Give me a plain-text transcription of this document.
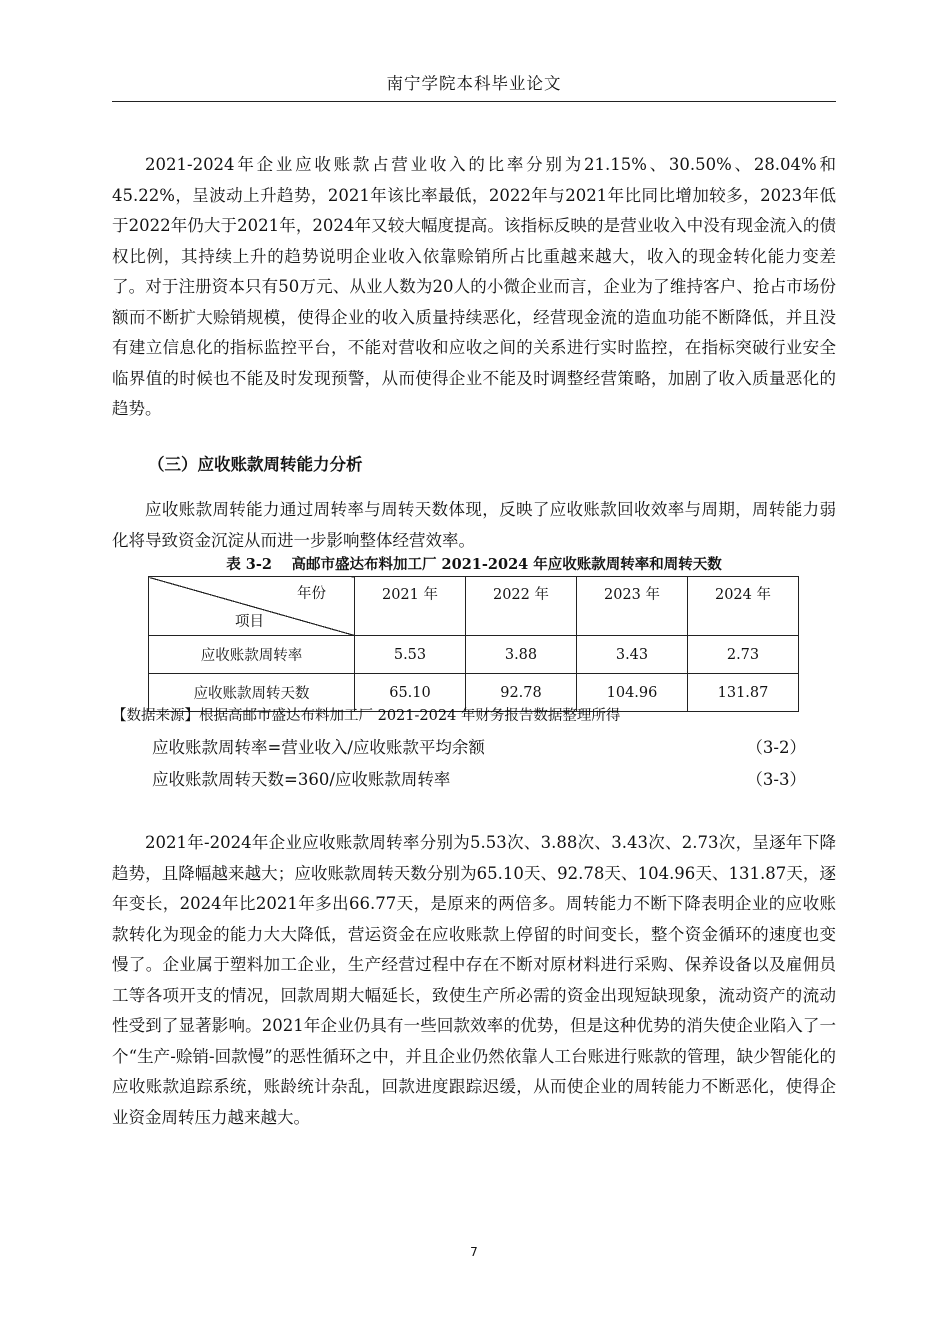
南宁学院本科毕业论文

2021-2024年企业应收账款占营业收入的比率分别为21.15%、30.50%、28.04%和45.22%，呈波动上升趋势，2021年该比率最低，2022年与2021年比同比增加较多，2023年低于2022年仍大于2021年，2024年又较大幅度提高。该指标反映的是营业收入中没有现金流入的债权比例，其持续上升的趋势说明企业收入依靠赊销所占比重越来越大，收入的现金转化能力变差了。对于注册资本只有50万元、从业人数为20人的小微企业而言，企业为了维持客户、抢占市场份额而不断扩大赊销规模，使得企业的收入质量持续恶化，经营现金流的造血功能不断降低，并且没有建立信息化的指标监控平台，不能对营收和应收之间的关系进行实时监控，在指标突破行业安全临界值的时候也不能及时发现预警，从而使得企业不能及时调整经营策略，加剧了收入质量恶化的趋势。

（三）应收账款周转能力分析

应收账款周转能力通过周转率与周转天数体现，反映了应收账款回收效率与周期，周转能力弱化将导致资金沉淀从而进一步影响整体经营效率。

表 3-2　 高邮市盛达布料加工厂 2021-2024 年应收账款周转率和周转天数
年份
项目	2021 年	2022 年	2023 年	2024 年
应收账款周转率	5.53	3.88	3.43	2.73
应收账款周转天数	65.10	92.78	104.96	131.87

【数据来源】根据高邮市盛达布料加工厂 2021-2024 年财务报告数据整理所得

应收账款周转率=营业收入/应收账款平均余额	（3-2）
应收账款周转天数=360/应收账款周转率	（3-3）

2021年-2024年企业应收账款周转率分别为5.53次、3.88次、3.43次、2.73次，呈逐年下降趋势，且降幅越来越大；应收账款周转天数分别为65.10天、92.78天、104.96天、131.87天，逐年变长，2024年比2021年多出66.77天，是原来的两倍多。周转能力不断下降表明企业的应收账款转化为现金的能力大大降低，营运资金在应收账款上停留的时间变长，整个资金循环的速度也变慢了。企业属于塑料加工企业，生产经营过程中存在不断对原材料进行采购、保养设备以及雇佣员工等各项开支的情况，回款周期大幅延长，致使生产所必需的资金出现短缺现象，流动资产的流动性受到了显著影响。2021年企业仍具有一些回款效率的优势，但是这种优势的消失使企业陷入了一个“生产-赊销-回款慢”的恶性循环之中，并且企业仍然依靠人工台账进行账款的管理，缺少智能化的应收账款追踪系统，账龄统计杂乱，回款进度跟踪迟缓，从而使企业的周转能力不断恶化，使得企业资金周转压力越来越大。

7
